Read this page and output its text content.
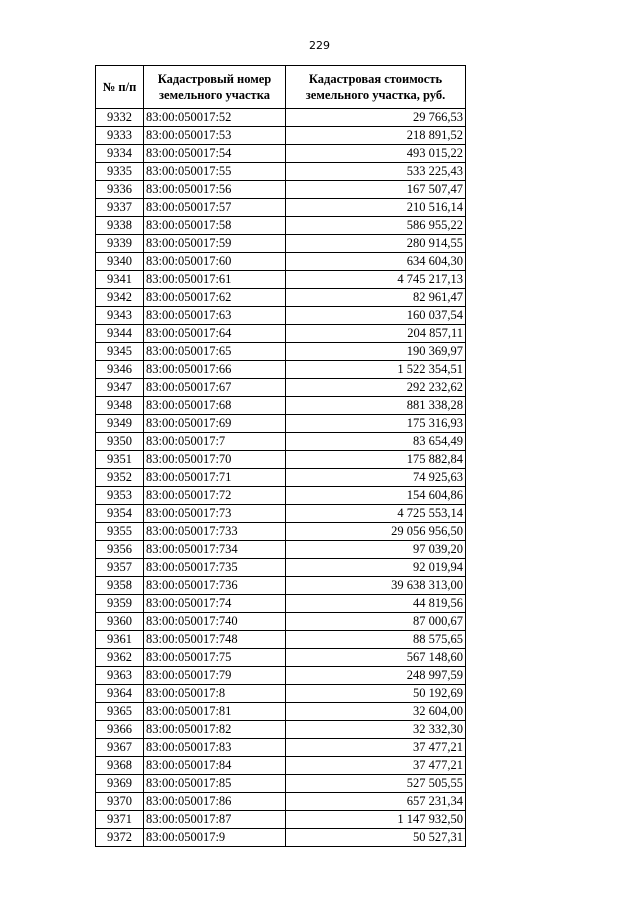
229
№ п/п	Кадастровый номер земельного участка	Кадастровая стоимость земельного участка, руб.
9332	83:00:050017:52	29 766,53
9333	83:00:050017:53	218 891,52
9334	83:00:050017:54	493 015,22
9335	83:00:050017:55	533 225,43
9336	83:00:050017:56	167 507,47
9337	83:00:050017:57	210 516,14
9338	83:00:050017:58	586 955,22
9339	83:00:050017:59	280 914,55
9340	83:00:050017:60	634 604,30
9341	83:00:050017:61	4 745 217,13
9342	83:00:050017:62	82 961,47
9343	83:00:050017:63	160 037,54
9344	83:00:050017:64	204 857,11
9345	83:00:050017:65	190 369,97
9346	83:00:050017:66	1 522 354,51
9347	83:00:050017:67	292 232,62
9348	83:00:050017:68	881 338,28
9349	83:00:050017:69	175 316,93
9350	83:00:050017:7	83 654,49
9351	83:00:050017:70	175 882,84
9352	83:00:050017:71	74 925,63
9353	83:00:050017:72	154 604,86
9354	83:00:050017:73	4 725 553,14
9355	83:00:050017:733	29 056 956,50
9356	83:00:050017:734	97 039,20
9357	83:00:050017:735	92 019,94
9358	83:00:050017:736	39 638 313,00
9359	83:00:050017:74	44 819,56
9360	83:00:050017:740	87 000,67
9361	83:00:050017:748	88 575,65
9362	83:00:050017:75	567 148,60
9363	83:00:050017:79	248 997,59
9364	83:00:050017:8	50 192,69
9365	83:00:050017:81	32 604,00
9366	83:00:050017:82	32 332,30
9367	83:00:050017:83	37 477,21
9368	83:00:050017:84	37 477,21
9369	83:00:050017:85	527 505,55
9370	83:00:050017:86	657 231,34
9371	83:00:050017:87	1 147 932,50
9372	83:00:050017:9	50 527,31
